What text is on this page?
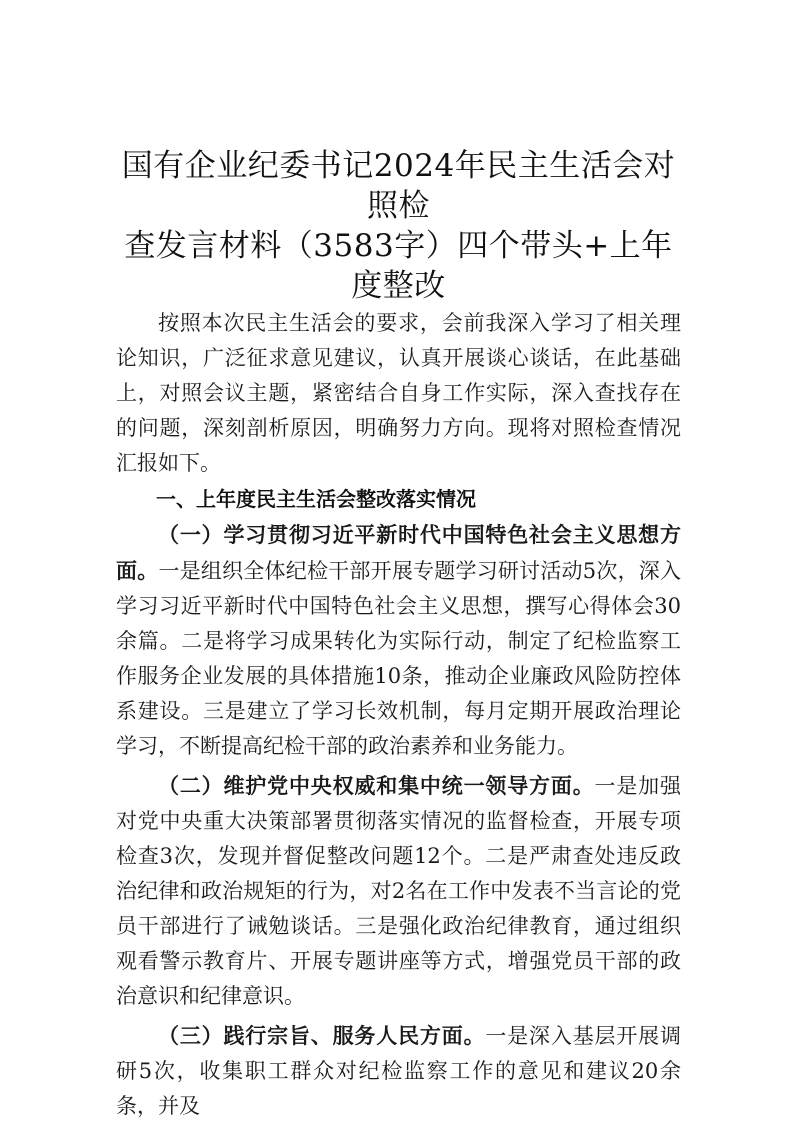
国有企业纪委书记2024年民主生活会对照检
查发言材料（3583字）四个带头+上年度整改

按照本次民主生活会的要求，会前我深入学习了相关理论知识，广泛征求意见建议，认真开展谈心谈话，在此基础上，对照会议主题，紧密结合自身工作实际，深入查找存在的问题，深刻剖析原因，明确努力方向。现将对照检查情况汇报如下。

一、上年度民主生活会整改落实情况

（一）学习贯彻习近平新时代中国特色社会主义思想方面。一是组织全体纪检干部开展专题学习研讨活动5次，深入学习习近平新时代中国特色社会主义思想，撰写心得体会30余篇。二是将学习成果转化为实际行动，制定了纪检监察工作服务企业发展的具体措施10条，推动企业廉政风险防控体系建设。三是建立了学习长效机制，每月定期开展政治理论学习，不断提高纪检干部的政治素养和业务能力。

（二）维护党中央权威和集中统一领导方面。一是加强对党中央重大决策部署贯彻落实情况的监督检查，开展专项检查3次，发现并督促整改问题12个。二是严肃查处违反政治纪律和政治规矩的行为，对2名在工作中发表不当言论的党员干部进行了诫勉谈话。三是强化政治纪律教育，通过组织观看警示教育片、开展专题讲座等方式，增强党员干部的政治意识和纪律意识。

（三）践行宗旨、服务人民方面。一是深入基层开展调研5次，收集职工群众对纪检监察工作的意见和建议20余条，并及
